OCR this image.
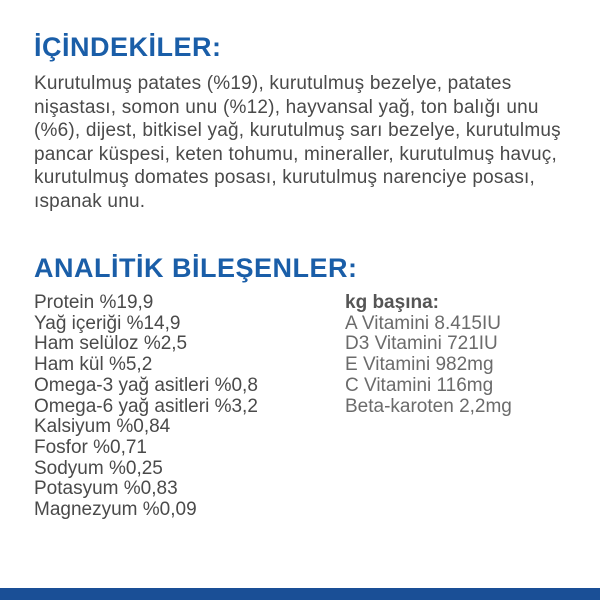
İÇİNDEKİLER:

Kurutulmuş patates (%19), kurutulmuş bezelye, patates nişastası, somon unu (%12), hayvansal yağ, ton balığı unu (%6), dijest, bitkisel yağ, kurutulmuş sarı bezelye, kurutulmuş pancar küspesi, keten tohumu, mineraller, kurutulmuş havuç, kurutulmuş domates posası, kurutulmuş narenciye posası, ıspanak unu.

ANALİTİK BİLEŞENLER:
Protein %19,9
Yağ içeriği %14,9
Ham selüloz %2,5
Ham kül %5,2
Omega-3 yağ asitleri %0,8
Omega-6 yağ asitleri %3,2
Kalsiyum %0,84
Fosfor %0,71
Sodyum %0,25
Potasyum %0,83
Magnezyum %0,09
kg başına:
A Vitamini 8.415IU
D3 Vitamini 721IU
E Vitamini 982mg
C Vitamini 116mg
Beta-karoten 2,2mg
